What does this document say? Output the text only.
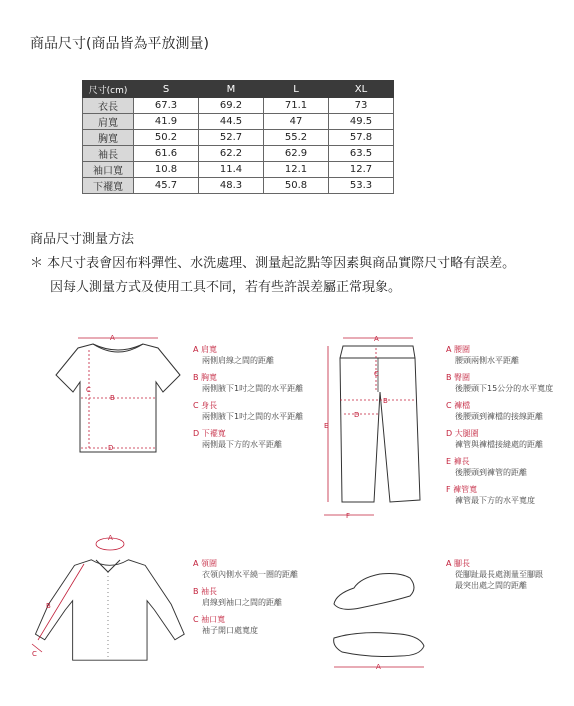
商品尺寸(商品皆為平放測量)
尺寸(cm)	S	M	L	XL
衣長	67.3	69.2	71.1	73
肩寬	41.9	44.5	47	49.5
胸寬	50.2	52.7	55.2	57.8
袖長	61.6	62.2	62.9	63.5
袖口寬	10.8	11.4	12.1	12.7
下襬寬	45.7	48.3	50.8	53.3
商品尺寸測量方法
＊ 本尺寸表會因布料彈性、水洗處理、測量起訖點等因素與商品實際尺寸略有誤差。
因每人測量方式及使用工具不同，若有些許誤差屬正常現象。
A
B
C
D
A 肩寬
兩側肩線之間的距離
B 胸寬
兩側腋下1吋之間的水平距離
C 身長
兩側腋下1吋之間的水平距離
D 下襬寬
兩側最下方的水平距離
A
B
C
D
E
F
A 腰圍
腰頭兩側水平距離
B 臀圍
後腰頭下15公分的水平寬度
C 褲檔
後腰頭到褲檔的接線距離
D 大腿圍
褲管與褲檔接縫處的距離
E 褲長
後腰頭到褲管的距離
F 褲管寬
褲管最下方的水平寬度
A
B
C
A 領圍
衣領內側水平繞一圈的距離
B 袖長
肩線到袖口之間的距離
C 袖口寬
袖子開口處寬度
A
A 腳長
從腳趾最長處測量至腳跟
最突出處之間的距離
